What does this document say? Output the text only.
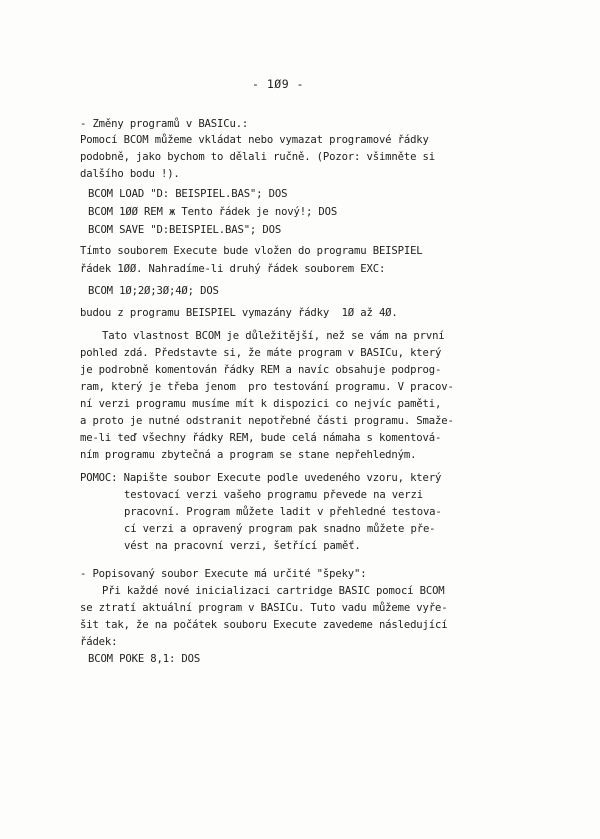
- 1Ø9 -
- Změny programů v BASICu.:
Pomocí BCOM můžeme vkládat nebo vymazat programové řádky
podobně, jako bychom to dělali ručně. (Pozor: všimněte si
dalšího bodu !).
BCOM LOAD "D: BEISPIEL.BAS"; DOS
BCOM 1ØØ REM ж Tento řádek je nový!; DOS
BCOM SAVE "D:BEISPIEL.BAS"; DOS
Tímto souborem Execute bude vložen do programu BEISPIEL
řádek 1ØØ. Nahradíme-li druhý řádek souborem EXC:
BCOM 1Ø;2Ø;3Ø;4Ø; DOS
budou z programu BEISPIEL vymazány řádky  1Ø až 4Ø.
Tato vlastnost BCOM je důležitější, než se vám na první
pohled zdá. Představte si, že máte program v BASICu, který
je podrobně komentován řádky REM a navíc obsahuje podprog-
ram, který je třeba jenom  pro testování programu. V pracov-
ní verzi programu musíme mít k dispozici co nejvíc paměti,
a proto je nutné odstranit nepotřebné části programu. Smaže-
me-li teď všechny řádky REM, bude celá námaha s komentová-
ním programu zbytečná a program se stane nepřehledným.
POMOC: Napište soubor Execute podle uvedeného vzoru, který
testovací verzi vašeho programu převede na verzi
pracovní. Program můžete ladit v přehledné testova-
cí verzi a opravený program pak snadno můžete pře-
vést na pracovní verzi, šetřící paměť.
- Popisovaný soubor Execute má určité "špeky":
Při každé nové inicializaci cartridge BASIC pomocí BCOM
se ztratí aktuální program v BASICu. Tuto vadu můžeme vyře-
šit tak, že na počátek souboru Execute zavedeme následující
řádek:
BCOM POKE 8,1: DOS
